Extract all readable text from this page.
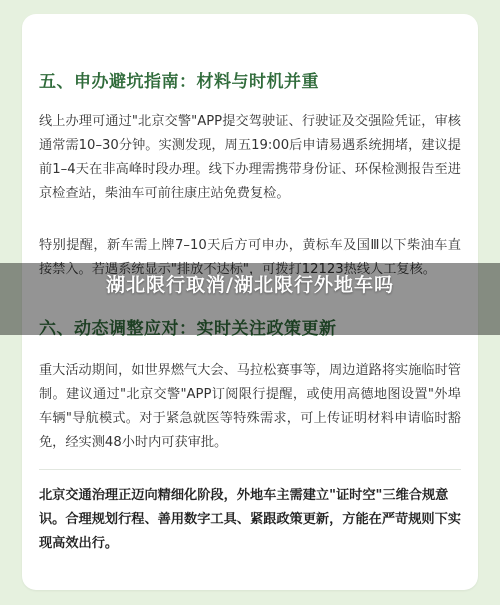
五、申办避坑指南：材料与时机并重
线上办理可通过"北京交警"APP提交驾驶证、行驶证及交强险凭证，审核通常需10–30分钟。实测发现，周五19:00后申请易遇系统拥堵，建议提前1–4天在非高峰时段办理。线下办理需携带身份证、环保检测报告至进京检查站，柴油车可前往康庄站免费复检。
特别提醒，新车需上牌7–10天后方可申办，黄标车及国Ⅲ以下柴油车直接禁入。若遇系统显示"排放不达标"，可拨打12123热线人工复核。
六、动态调整应对：实时关注政策更新
重大活动期间，如世界燃气大会、马拉松赛事等，周边道路将实施临时管制。建议通过"北京交警"APP订阅限行提醒，或使用高德地图设置"外埠车辆"导航模式。对于紧急就医等特殊需求，可上传证明材料申请临时豁免，经实测48小时内可获审批。
北京交通治理正迈向精细化阶段，外地车主需建立"证时空"三维合规意识。合理规划行程、善用数字工具、紧跟政策更新，方能在严苛规则下实现高效出行。
湖北限行取消/湖北限行外地车吗
